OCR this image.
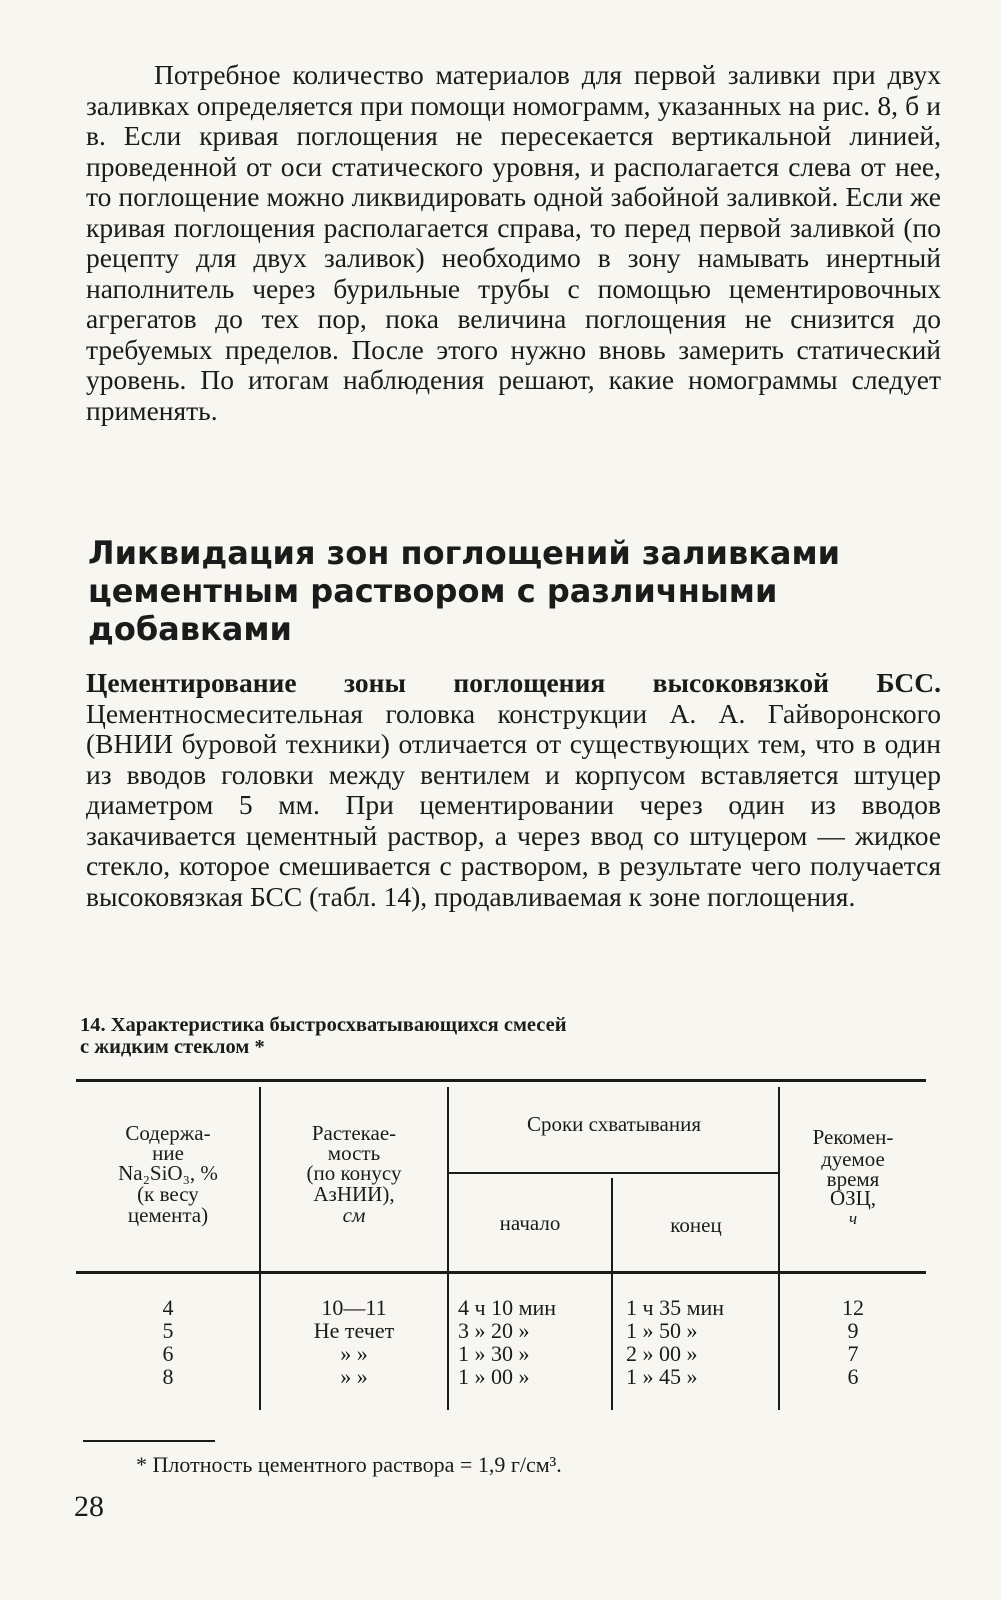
Потребное количество материалов для первой заливки при двух заливках определяется при помощи номограмм, указанных на рис. 8, б и в. Если кривая поглощения не пересекается вертикальной линией, проведенной от оси статического уровня, и располагается слева от нее, то поглощение можно ликвидировать одной забойной заливкой. Если же кривая поглощения располагается справа, то перед первой заливкой (по рецепту для двух заливок) необходимо в зону намывать инертный наполнитель через бурильные трубы с помощью цементировочных агрегатов до тех пор, пока величина поглощения не снизится до требуемых пределов. После этого нужно вновь замерить статический уровень. По итогам наблюдения решают, какие номограммы следует применять.

Ликвидация зон поглощений заливками цементным раствором с различными добавками

Цементирование зоны поглощения высоковязкой БСС. Цементносмесительная головка конструкции А. А. Гайворонского (ВНИИ буровой техники) отличается от существующих тем, что в один из вводов головки между вентилем и корпусом вставляется штуцер диаметром 5 мм. При цементировании через один из вводов закачивается цементный раствор, а через ввод со штуцером — жидкое стекло, которое смешивается с раствором, в результате чего получается высоковязкая БСС (табл. 14), продавливаемая к зоне поглощения.

14. Характеристика быстросхватывающихся смесей
с жидким стеклом *
Содержа-
ние
Na₂SiO₃, %
(к весу
цемента)
Растекае-
мость
(по конусу
АзНИИ),
см
Сроки схватывания
начало	конец
Рекомен-
дуемое
время
ОЗЦ,
ч
4
5
6
8
10—11
Не течет
» »
» »
4 ч 10 мин
3 » 20 »
1 » 30 »
1 » 00 »
1 ч 35 мин
1 » 50 »
2 » 00 »
1 » 45 »
12
9
7
6

* Плотность цементного раствора = 1,9 г/см³.

28
